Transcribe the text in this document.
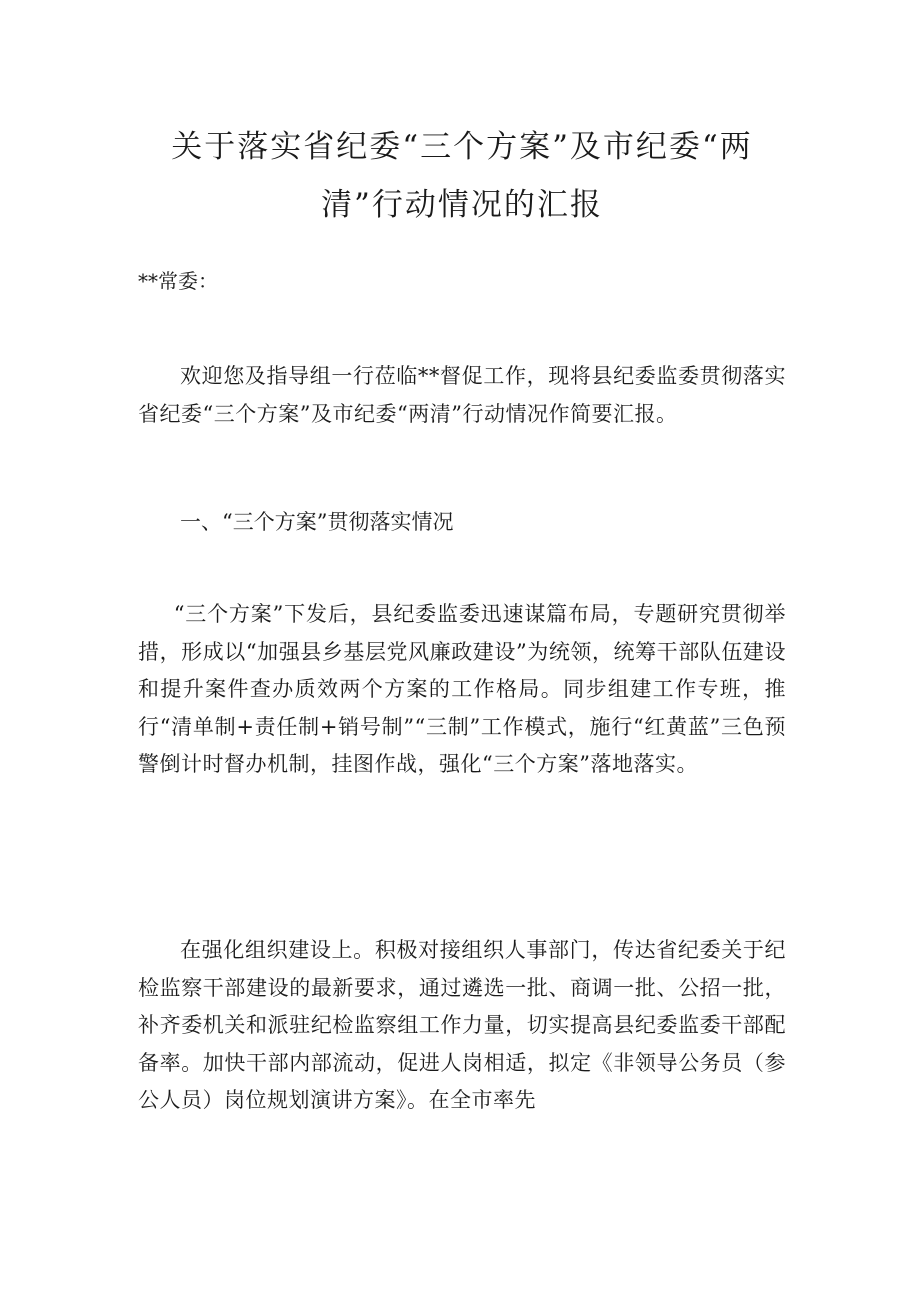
关于落实省纪委“三个方案”及市纪委“两清”行动情况的汇报
**常委：

欢迎您及指导组一行莅临**督促工作，现将县纪委监委贯彻落实省纪委“三个方案”及市纪委“两清”行动情况作简要汇报。

一、“三个方案”贯彻落实情况

“三个方案”下发后，县纪委监委迅速谋篇布局，专题研究贯彻举措，形成以“加强县乡基层党风廉政建设”为统领，统筹干部队伍建设和提升案件查办质效两个方案的工作格局。同步组建工作专班，推行“清单制+责任制+销号制”“三制”工作模式，施行“红黄蓝”三色预警倒计时督办机制，挂图作战，强化“三个方案”落地落实。

在强化组织建设上。积极对接组织人事部门，传达省纪委关于纪检监察干部建设的最新要求，通过遴选一批、商调一批、公招一批，补齐委机关和派驻纪检监察组工作力量，切实提高县纪委监委干部配备率。加快干部内部流动，促进人岗相适，拟定《非领导公务员（参公人员）岗位规划演讲方案》。在全市率先
